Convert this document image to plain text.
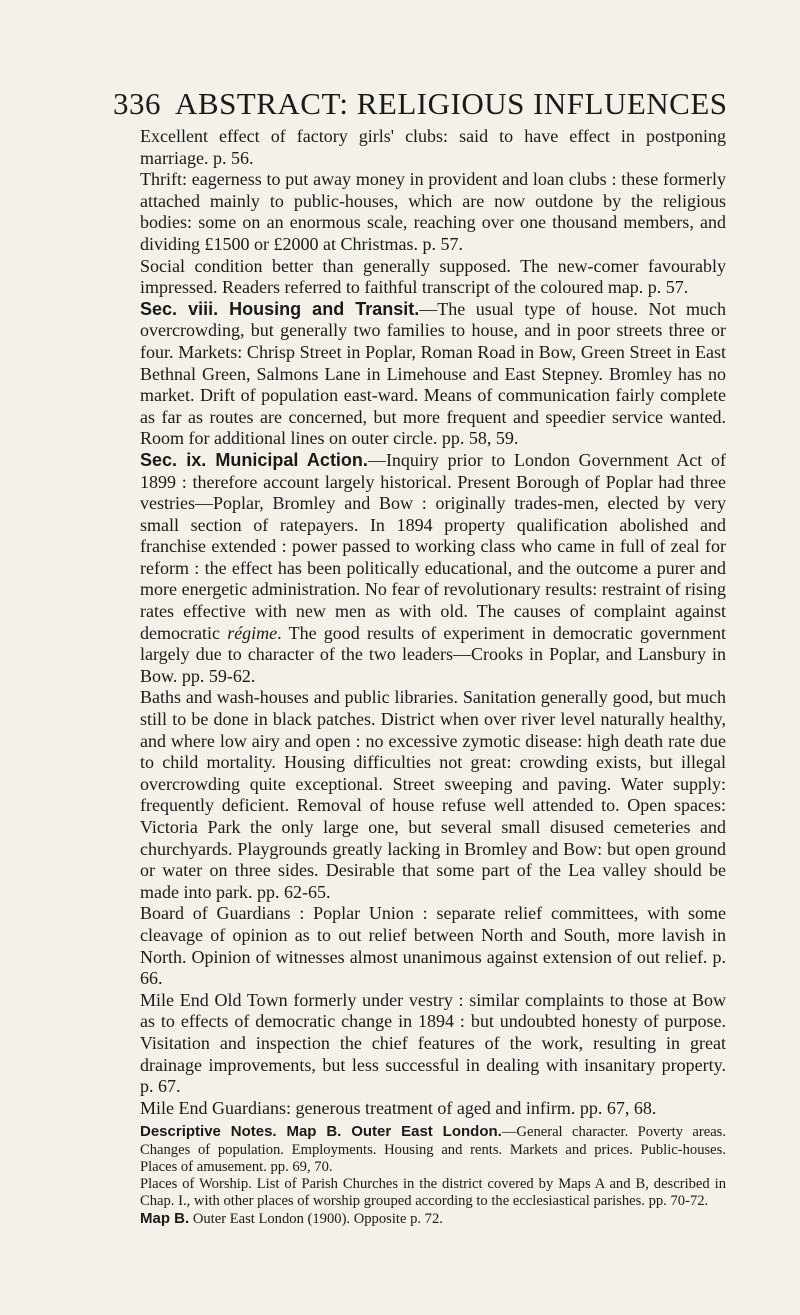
336 ABSTRACT: RELIGIOUS INFLUENCES

Excellent effect of factory girls' clubs: said to have effect in postponing marriage. p. 56.

Thrift: eagerness to put away money in provident and loan clubs : these formerly attached mainly to public-houses, which are now outdone by the religious bodies: some on an enormous scale, reaching over one thousand members, and dividing £1500 or £2000 at Christmas. p. 57.

Social condition better than generally supposed. The new-comer favourably impressed. Readers referred to faithful transcript of the coloured map. p. 57.

Sec. viii. Housing and Transit.—The usual type of house. Not much overcrowding, but generally two families to house, and in poor streets three or four. Markets: Chrisp Street in Poplar, Roman Road in Bow, Green Street in East Bethnal Green, Salmons Lane in Limehouse and East Stepney. Bromley has no market. Drift of population east-ward. Means of communication fairly complete as far as routes are concerned, but more frequent and speedier service wanted. Room for additional lines on outer circle. pp. 58, 59.

Sec. ix. Municipal Action.—Inquiry prior to London Government Act of 1899 : therefore account largely historical. Present Borough of Poplar had three vestries—Poplar, Bromley and Bow : originally trades-men, elected by very small section of ratepayers. In 1894 property qualification abolished and franchise extended : power passed to working class who came in full of zeal for reform : the effect has been politically educational, and the outcome a purer and more energetic administration. No fear of revolutionary results: restraint of rising rates effective with new men as with old. The causes of complaint against democratic régime. The good results of experiment in democratic government largely due to character of the two leaders—Crooks in Poplar, and Lansbury in Bow. pp. 59-62.

Baths and wash-houses and public libraries. Sanitation generally good, but much still to be done in black patches. District when over river level naturally healthy, and where low airy and open : no excessive zymotic disease: high death rate due to child mortality. Housing difficulties not great: crowding exists, but illegal overcrowding quite exceptional. Street sweeping and paving. Water supply: frequently deficient. Removal of house refuse well attended to. Open spaces: Victoria Park the only large one, but several small disused cemeteries and churchyards. Playgrounds greatly lacking in Bromley and Bow: but open ground or water on three sides. Desirable that some part of the Lea valley should be made into park. pp. 62-65.

Board of Guardians : Poplar Union : separate relief committees, with some cleavage of opinion as to out relief between North and South, more lavish in North. Opinion of witnesses almost unanimous against extension of out relief. p. 66.

Mile End Old Town formerly under vestry : similar complaints to those at Bow as to effects of democratic change in 1894 : but undoubted honesty of purpose. Visitation and inspection the chief features of the work, resulting in great drainage improvements, but less successful in dealing with insanitary property. p. 67.

Mile End Guardians: generous treatment of aged and infirm. pp. 67, 68.

Descriptive Notes. Map B. Outer East London.—General character. Poverty areas. Changes of population. Employments. Housing and rents. Markets and prices. Public-houses. Places of amusement. pp. 69, 70.

Places of Worship. List of Parish Churches in the district covered by Maps A and B, described in Chap. I., with other places of worship grouped according to the ecclesiastical parishes. pp. 70-72.

Map B. Outer East London (1900). Opposite p. 72.
